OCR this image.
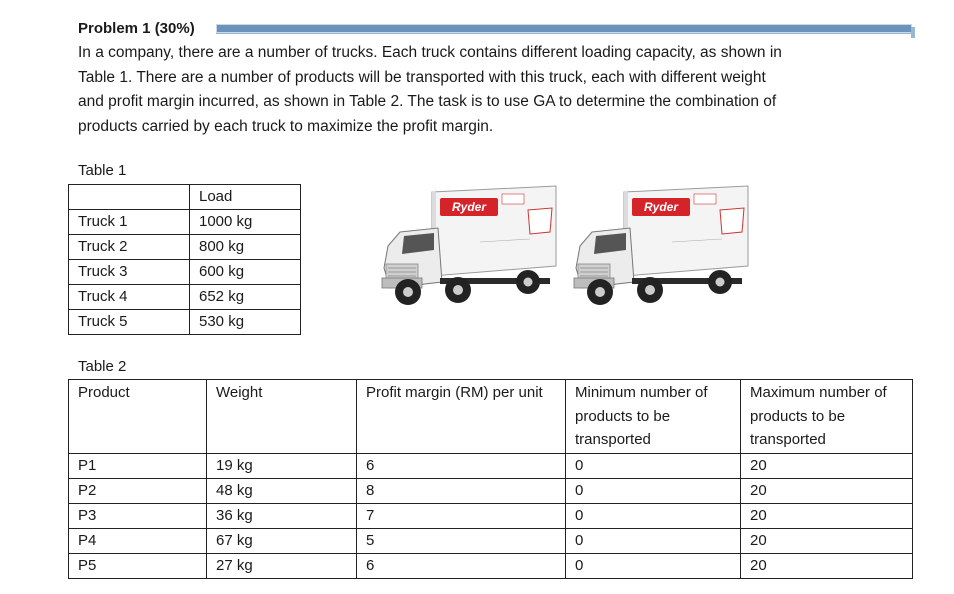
Problem 1 (30%)

In a company, there are a number of trucks. Each truck contains different loading capacity, as shown in

Table 1. There are a number of products will be transported with this truck, each with different weight

and profit margin incurred, as shown in Table 2. The task is to use GA to determine the combination of

products carried by each truck to maximize the profit margin.

Table 1
	Load
Truck 1	1000 kg
Truck 2	800 kg
Truck 3	600 kg
Truck 4	652 kg
Truck 5	530 kg
Ryder	Ryder
Table 2
Product	Weight	Profit margin (RM) per unit	Minimum number of products to be transported	Maximum number of products to be transported
P1	19 kg	6	0	20
P2	48 kg	8	0	20
P3	36 kg	7	0	20
P4	67 kg	5	0	20
P5	27 kg	6	0	20
